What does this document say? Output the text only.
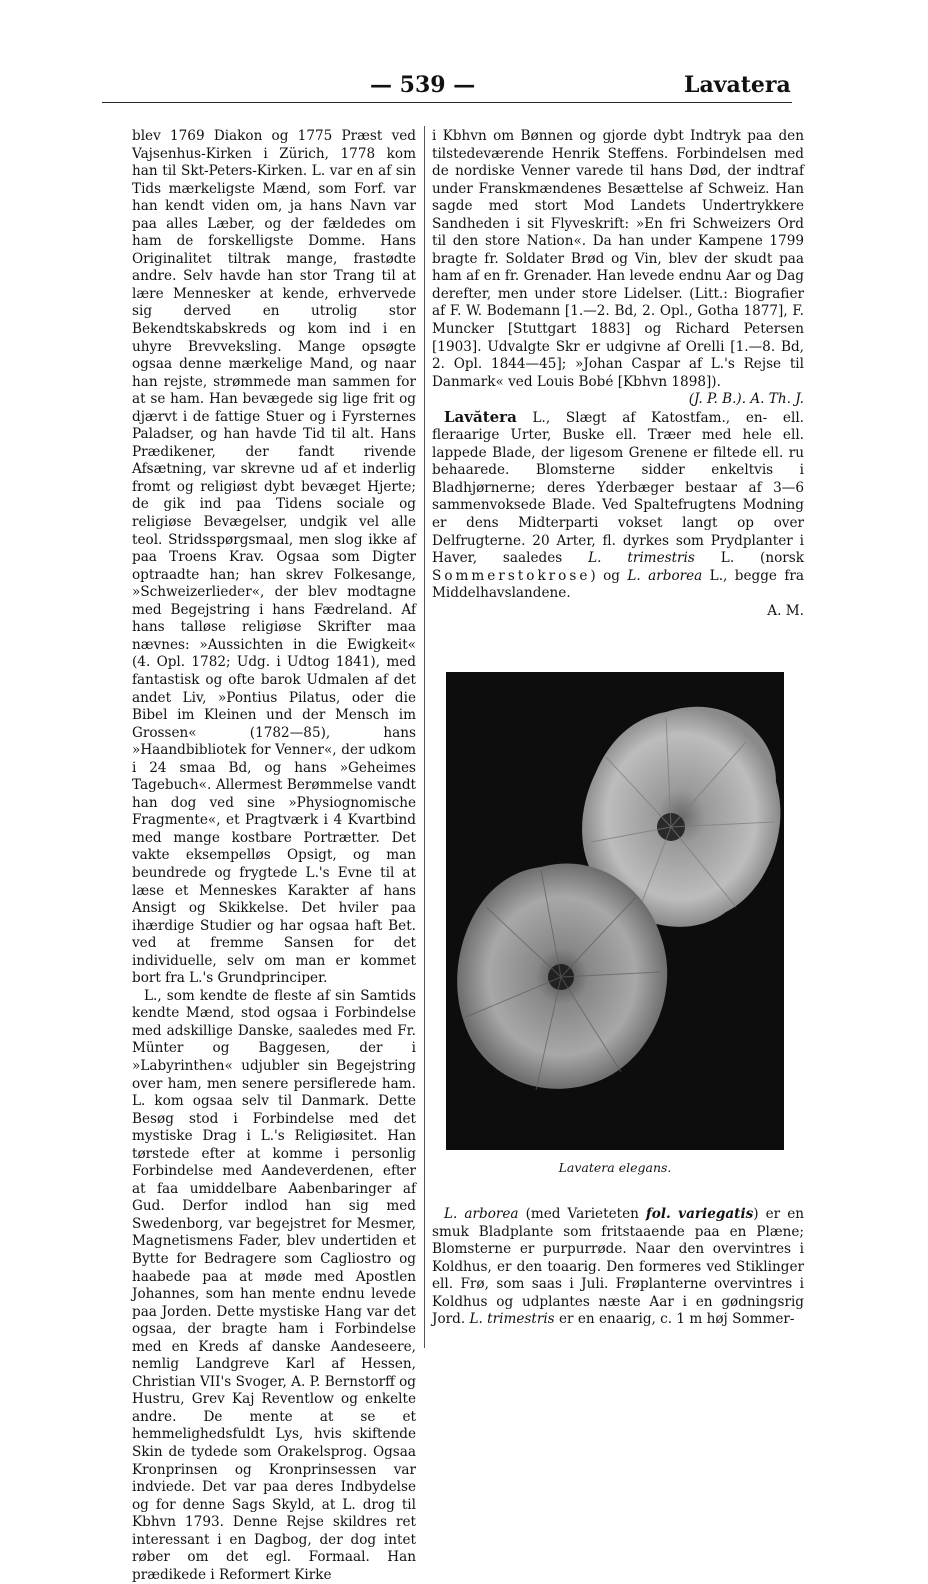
— 539 —	Lavatera

blev 1769 Diakon og 1775 Præst ved Vajsenhus-Kirken i Zürich, 1778 kom han til Skt-Peters-Kirken. L. var en af sin Tids mærkeligste Mænd, som Forf. var han kendt viden om, ja hans Navn var paa alles Læber, og der fældedes om ham de forskelligste Domme. Hans Originalitet tiltrak mange, frastødte andre. Selv havde han stor Trang til at lære Mennesker at kende, erhvervede sig derved en utrolig stor Bekendtskabskreds og kom ind i en uhyre Brevveksling. Mange opsøgte ogsaa denne mærkelige Mand, og naar han rejste, strømmede man sammen for at se ham. Han bevægede sig lige frit og djærvt i de fattige Stuer og i Fyrsternes Paladser, og han havde Tid til alt. Hans Prædikener, der fandt rivende Afsætning, var skrevne ud af et inderlig fromt og religiøst dybt bevæget Hjerte; de gik ind paa Tidens sociale og religiøse Bevægelser, undgik vel alle teol. Stridsspørgsmaal, men slog ikke af paa Troens Krav. Ogsaa som Digter optraadte han; han skrev Folkesange, »Schweizerlieder«, der blev modtagne med Begejstring i hans Fædreland. Af hans talløse religiøse Skrifter maa nævnes: »Aussichten in die Ewigkeit« (4. Opl. 1782; Udg. i Udtog 1841), med fantastisk og ofte barok Udmalen af det andet Liv, »Pontius Pilatus, oder die Bibel im Kleinen und der Mensch im Grossen« (1782—85), hans »Haandbibliotek for Venner«, der udkom i 24 smaa Bd, og hans »Geheimes Tagebuch«. Allermest Berømmelse vandt han dog ved sine »Physiognomische Fragmente«, et Pragtværk i 4 Kvartbind med mange kostbare Portrætter. Det vakte eksempelløs Opsigt, og man beundrede og frygtede L.'s Evne til at læse et Menneskes Karakter af hans Ansigt og Skikkelse. Det hviler paa ihærdige Studier og har ogsaa haft Bet. ved at fremme Sansen for det individuelle, selv om man er kommet bort fra L.'s Grundprinciper.

L., som kendte de fleste af sin Samtids kendte Mænd, stod ogsaa i Forbindelse med adskillige Danske, saaledes med Fr. Münter og Baggesen, der i »Labyrinthen« udjubler sin Begejstring over ham, men senere persiflerede ham. L. kom ogsaa selv til Danmark. Dette Besøg stod i Forbindelse med det mystiske Drag i L.'s Religiøsitet. Han tørstede efter at komme i personlig Forbindelse med Aandeverdenen, efter at faa umiddelbare Aabenbaringer af Gud. Derfor indlod han sig med Swedenborg, var begejstret for Mesmer, Magnetismens Fader, blev undertiden et Bytte for Bedragere som Cagliostro og haabede paa at møde med Apostlen Johannes, som han mente endnu levede paa Jorden. Dette mystiske Hang var det ogsaa, der bragte ham i Forbindelse med en Kreds af danske Aandeseere, nemlig Landgreve Karl af Hessen, Christian VII's Svoger, A. P. Bernstorff og Hustru, Grev Kaj Reventlow og enkelte andre. De mente at se et hemmelighedsfuldt Lys, hvis skiftende Skin de tydede som Orakelsprog. Ogsaa Kronprinsen og Kronprinsessen var indviede. Det var paa deres Indbydelse og for denne Sags Skyld, at L. drog til Kbhvn 1793. Denne Rejse skildres ret interessant i en Dagbog, der dog intet røber om det egl. Formaal. Han prædikede i Reformert Kirke

i Kbhvn om Bønnen og gjorde dybt Indtryk paa den tilstedeværende Henrik Steffens. Forbindelsen med de nordiske Venner varede til hans Død, der indtraf under Franskmændenes Besættelse af Schweiz. Han sagde med stort Mod Landets Undertrykkere Sandheden i sit Flyveskrift: »En fri Schweizers Ord til den store Nation«. Da han under Kampene 1799 bragte fr. Soldater Brød og Vin, blev der skudt paa ham af en fr. Grenader. Han levede endnu Aar og Dag derefter, men under store Lidelser. (Litt.: Biografier af F. W. Bodemann [1.—2. Bd, 2. Opl., Gotha 1877], F. Muncker [Stuttgart 1883] og Richard Petersen [1903]. Udvalgte Skr er udgivne af Orelli [1.—8. Bd, 2. Opl. 1844—45]; »Johan Caspar af L.'s Rejse til Danmark« ved Louis Bobé [Kbhvn 1898]).

(J. P. B.). A. Th. J.

Lavătera L., Slægt af Katostfam., en- ell. fleraarige Urter, Buske ell. Træer med hele ell. lappede Blade, der ligesom Grenene er filtede ell. ru behaarede. Blomsterne sidder enkeltvis i Bladhjørnerne; deres Yderbæger bestaar af 3—6 sammenvoksede Blade. Ved Spaltefrugtens Modning er dens Midterparti vokset langt op over Delfrugterne. 20 Arter, fl. dyrkes som Prydplanter i Haver, saaledes L. trimestris L. (norsk Sommerstokrose) og L. arborea L., begge fra Middelhavslandene.

A. M.

Lavatera elegans.

L. arborea (med Varieteten fol. variegatis) er en smuk Bladplante som fritstaaende paa en Plæne; Blomsterne er purpurrøde. Naar den overvintres i Koldhus, er den toaarig. Den formeres ved Stiklinger ell. Frø, som saas i Juli. Frøplanterne overvintres i Koldhus og udplantes næste Aar i en gødningsrig Jord. L. trimestris er en enaarig, c. 1 m høj Sommer-
